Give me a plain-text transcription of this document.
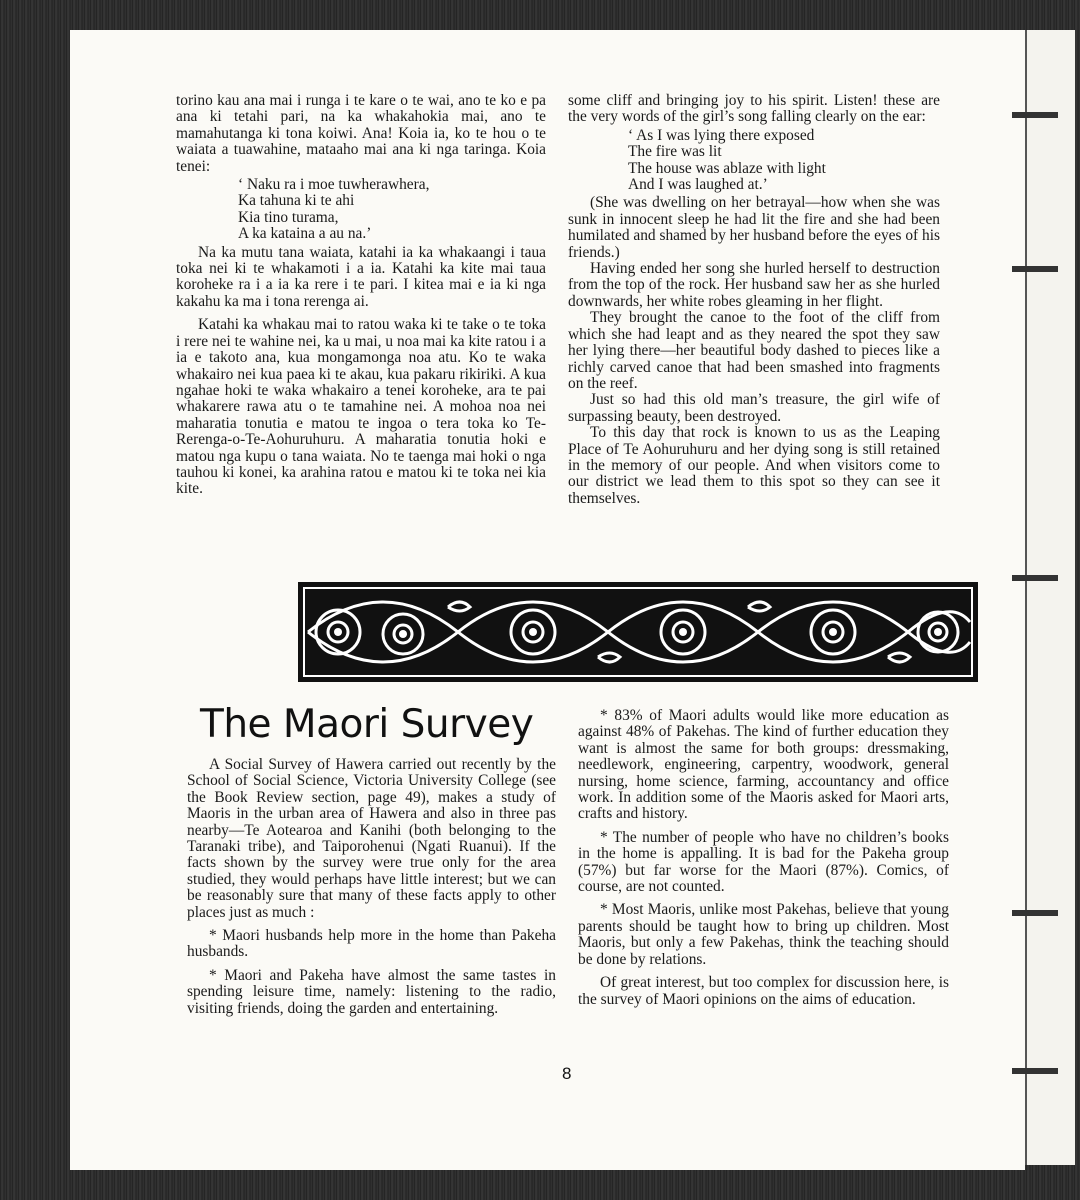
torino kau ana mai i runga i te kare o te wai, ano te ko e pa ana ki tetahi pari, na ka whakahokia mai, ano te mamahutanga ki tona koiwi. Ana! Koia ia, ko te hou o te waiata a tuawahine, mataaho mai ana ki nga taringa. Koia tenei:

‘ Naku ra i moe tuwherawhera,
Ka tahuna ki te ahi
Kia tino turama,
A ka kataina a au na.’

Na ka mutu tana waiata, katahi ia ka whakaangi i taua toka nei ki te whakamoti i a ia. Katahi ka kite mai taua koroheke ra i a ia ka rere i te pari. I kitea mai e ia ki nga kakahu ka ma i tona rerenga ai.

Katahi ka whakau mai to ratou waka ki te take o te toka i rere nei te wahine nei, ka u mai, u noa mai ka kite ratou i a ia e takoto ana, kua mongamonga noa atu. Ko te waka whakairo nei kua paea ki te akau, kua pakaru rikiriki. A kua ngahae hoki te waka whakairo a tenei koroheke, ara te pai whakarere rawa atu o te tamahine nei. A mohoa noa nei maharatia tonutia e matou te ingoa o tera toka ko Te-Rerenga-o-Te-Aohuruhuru. A maharatia tonutia hoki e matou nga kupu o tana waiata. No te taenga mai hoki o nga tauhou ki konei, ka arahina ratou e matou ki te toka nei kia kite.

some cliff and bringing joy to his spirit. Listen! these are the very words of the girl’s song falling clearly on the ear:

‘ As I was lying there exposed
The fire was lit
The house was ablaze with light
And I was laughed at.’

(She was dwelling on her betrayal—how when she was sunk in innocent sleep he had lit the fire and she had been humilated and shamed by her husband before the eyes of his friends.)

Having ended her song she hurled herself to destruction from the top of the rock. Her husband saw her as she hurled downwards, her white robes gleaming in her flight.

They brought the canoe to the foot of the cliff from which she had leapt and as they neared the spot they saw her lying there—her beautiful body dashed to pieces like a richly carved canoe that had been smashed into fragments on the reef.

Just so had this old man’s treasure, the girl wife of surpassing beauty, been destroyed.

To this day that rock is known to us as the Leaping Place of Te Aohuruhuru and her dying song is still retained in the memory of our people. And when visitors come to our district we lead them to this spot so they can see it themselves.

The Maori Survey

A Social Survey of Hawera carried out recently by the School of Social Science, Victoria University College (see the Book Review section, page 49), makes a study of Maoris in the urban area of Hawera and also in three pas nearby—Te Aotearoa and Kanihi (both belonging to the Taranaki tribe), and Taiporohenui (Ngati Ruanui). If the facts shown by the survey were true only for the area studied, they would perhaps have little interest; but we can be reasonably sure that many of these facts apply to other places just as much :

* Maori husbands help more in the home than Pakeha husbands.

* Maori and Pakeha have almost the same tastes in spending leisure time, namely: listening to the radio, visiting friends, doing the garden and entertaining.

* 83% of Maori adults would like more education as against 48% of Pakehas. The kind of further education they want is almost the same for both groups: dressmaking, needlework, engineering, carpentry, woodwork, general nursing, home science, farming, accountancy and office work. In addition some of the Maoris asked for Maori arts, crafts and history.

* The number of people who have no children’s books in the home is appalling. It is bad for the Pakeha group (57%) but far worse for the Maori (87%). Comics, of course, are not counted.

* Most Maoris, unlike most Pakehas, believe that young parents should be taught how to bring up children. Most Maoris, but only a few Pakehas, think the teaching should be done by relations.

Of great interest, but too complex for discussion here, is the survey of Maori opinions on the aims of education.

8
